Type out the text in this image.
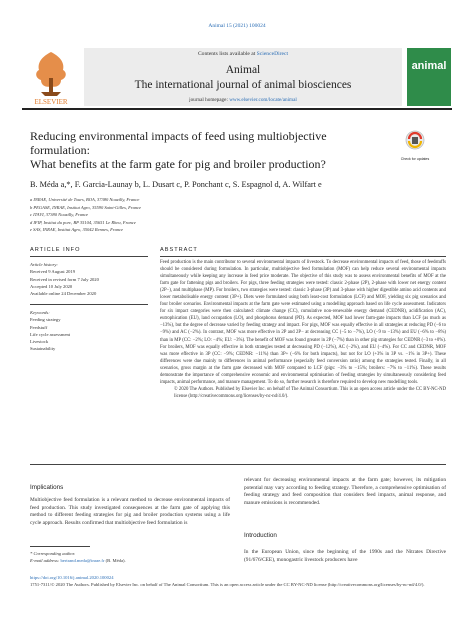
Animal 15 (2021) 100024
ELSEVIER
Contents lists available at ScienceDirect
Animal
The international journal of animal biosciences
journal homepage: www.elsevier.com/locate/animal
animal
Reducing environmental impacts of feed using multiobjective
formulation:
What benefits at the farm gate for pig and broiler production?	Check for updates
B. Méda a,*, F. Garcia-Launay b, L. Dusart c, P. Ponchant c, S. Espagnol d, A. Wilfart e
a INRAE, Université de Tours, BOA, 37380 Nouzilly, France
b PEGASE, INRAE, Institut Agro, 35590 Saint-Gilles, France
c ITAVI, 37380 Nouzilly, France
d IFIP, Institut du porc, BP 35104, 35651 Le Rheu, France
e SAS, INRAE, Institut Agro, 35042 Rennes, France
ARTICLE INFO	ABSTRACT
Article history:
Received 9 August 2019
Received in revised form 7 July 2020
Accepted 10 July 2020
Available online 24 December 2020
Keywords:
Feeding strategy
Feedstuff
Life cycle assessment
Livestock
Sustainability
Feed production is the main contributor to several environmental impacts of livestock. To decrease environmental impacts of feed, those of feedstuffs should be considered during formulation. In particular, multiobjective feed formulation (MOF) can help reduce several environmental impacts simultaneously while keeping any increase in feed price moderate. The objective of this study was to assess environmental benefits of MOF at the farm gate for fattening pigs and broilers. For pigs, three feeding strategies were tested: classic 2-phase (2P), 2-phase with lower net energy content (2P−), and multiphase (MP). For broilers, two strategies were tested: classic 3-phase (3P) and 3-phase with higher digestible amino acid contents and lower metabolisable energy content (3P+). Diets were formulated using both least-cost formulation (LCF) and MOF, yielding six pig scenarios and four broiler scenarios. Environmental impacts at the farm gate were estimated using a modelling approach based on life cycle assessment. Indicators for six impact categories were then calculated: climate change (CC), cumulative non-renewable energy demand (CEDNR), acidification (AC), eutrophication (EU), land occupation (LO), and phosphorus demand (PD). As expected, MOF had lower farm-gate impacts than LCF (as much as −13%), but the degree of decrease varied by feeding strategy and impact. For pigs, MOF was equally effective in all strategies at reducing PD (−6 to −9%) and AC (−2%). In contrast, MOF was more effective in 2P and 2P− at decreasing CC (−5 to −7%), LO (−9 to −13%) and EU (−6% to −8%) than in MP (CC: −2%; LO: −4%; EU: −3%). The benefit of MOF was found greater in 2P (−7%) than in other pig strategies for CEDNR (−3 to +0%). For broilers, MOF was equally effective in both strategies tested at decreasing PD (−12%), AC (−2%), and EU (−4%). For CC and CEDNR, MOF was more effective in 3P (CC: −9%; CEDNR: −11%) than 3P+ (−6% for both impacts), but not for LO (+3% in 3P vs. −1% in 3P+). These differences were due mainly to differences in animal performance (especially feed conversion ratio) among the strategies tested. Finally, in all scenarios, gross margin at the farm gate decreased with MOF compared to LCF (pigs: −3% to −15%; broilers: −7% to −11%). These results demonstrate the importance of comprehensive economic and environmental optimisation of feeding strategies by simultaneously considering feed impacts, animal performance, and manure management. To do so, further research is therefore required to develop new modelling tools.
© 2020 The Authors. Published by Elsevier Inc. on behalf of The Animal Consortium. This is an open access article under the CC BY-NC-ND license (http://creativecommons.org/licenses/by-nc-nd/4.0/).
Implications
Multiobjective feed formulation is a relevant method to decrease environmental impacts of feed production. This study investigated consequences at the farm gate of applying this method to different feeding strategies for pig and broiler production systems using a life cycle approach. Results confirmed that multiobjective feed formulation is
relevant for decreasing environmental impacts at the farm gate; however, its mitigation potential may vary according to feeding strategy. Therefore, a comprehensive optimisation of feeding strategy and feed composition that considers feed impacts, animal response, and manure emissions is recommended.
Introduction
In the European Union, since the beginning of the 1990s and the Nitrates Directive (91/676/CEE), monogastric livestock producers have
* Corresponding author.
E-mail address: bertrand.meda@inrae.fr (B. Méda).
https://doi.org/10.1016/j.animal.2020.100024
1751-7311/© 2020 The Authors. Published by Elsevier Inc. on behalf of The Animal Consortium. This is an open access article under the CC BY-NC-ND license (http://creativecommons.org/licenses/by-nc-nd/4.0/).
